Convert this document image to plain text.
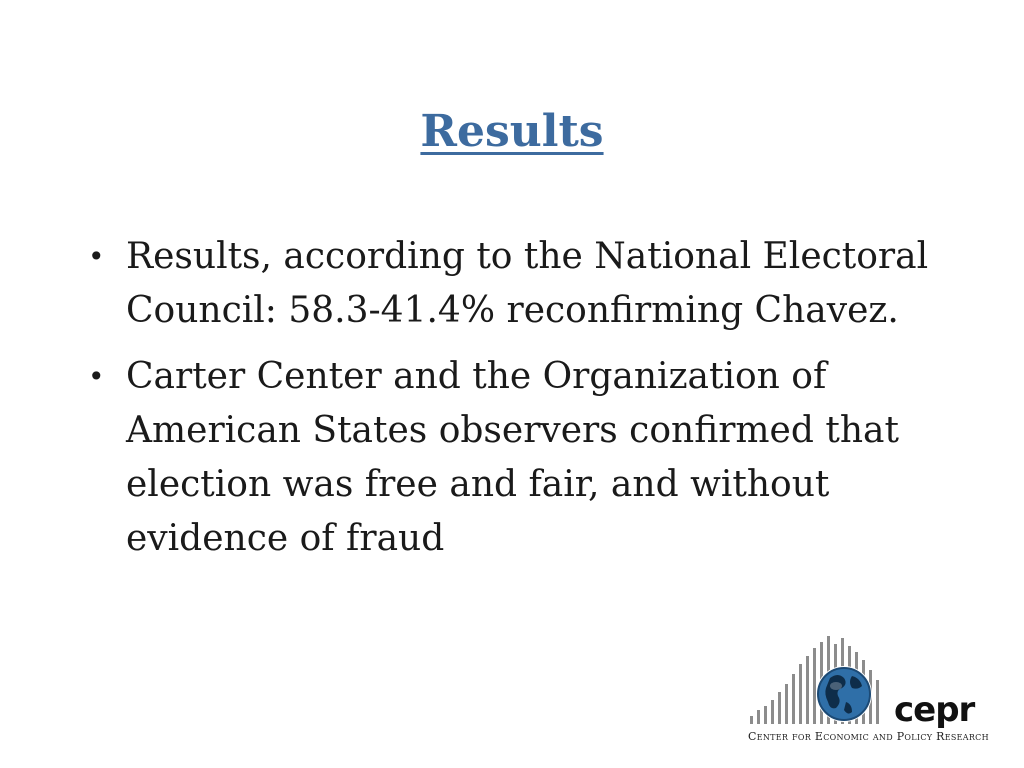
Results
• Results, according to the National Electoral Council: 58.3-41.4% reconfirming Chavez.
• Carter Center and the Organization of American States observers confirmed that election was free and fair, and without evidence of fraud
cepr
Center for Economic and Policy Research
